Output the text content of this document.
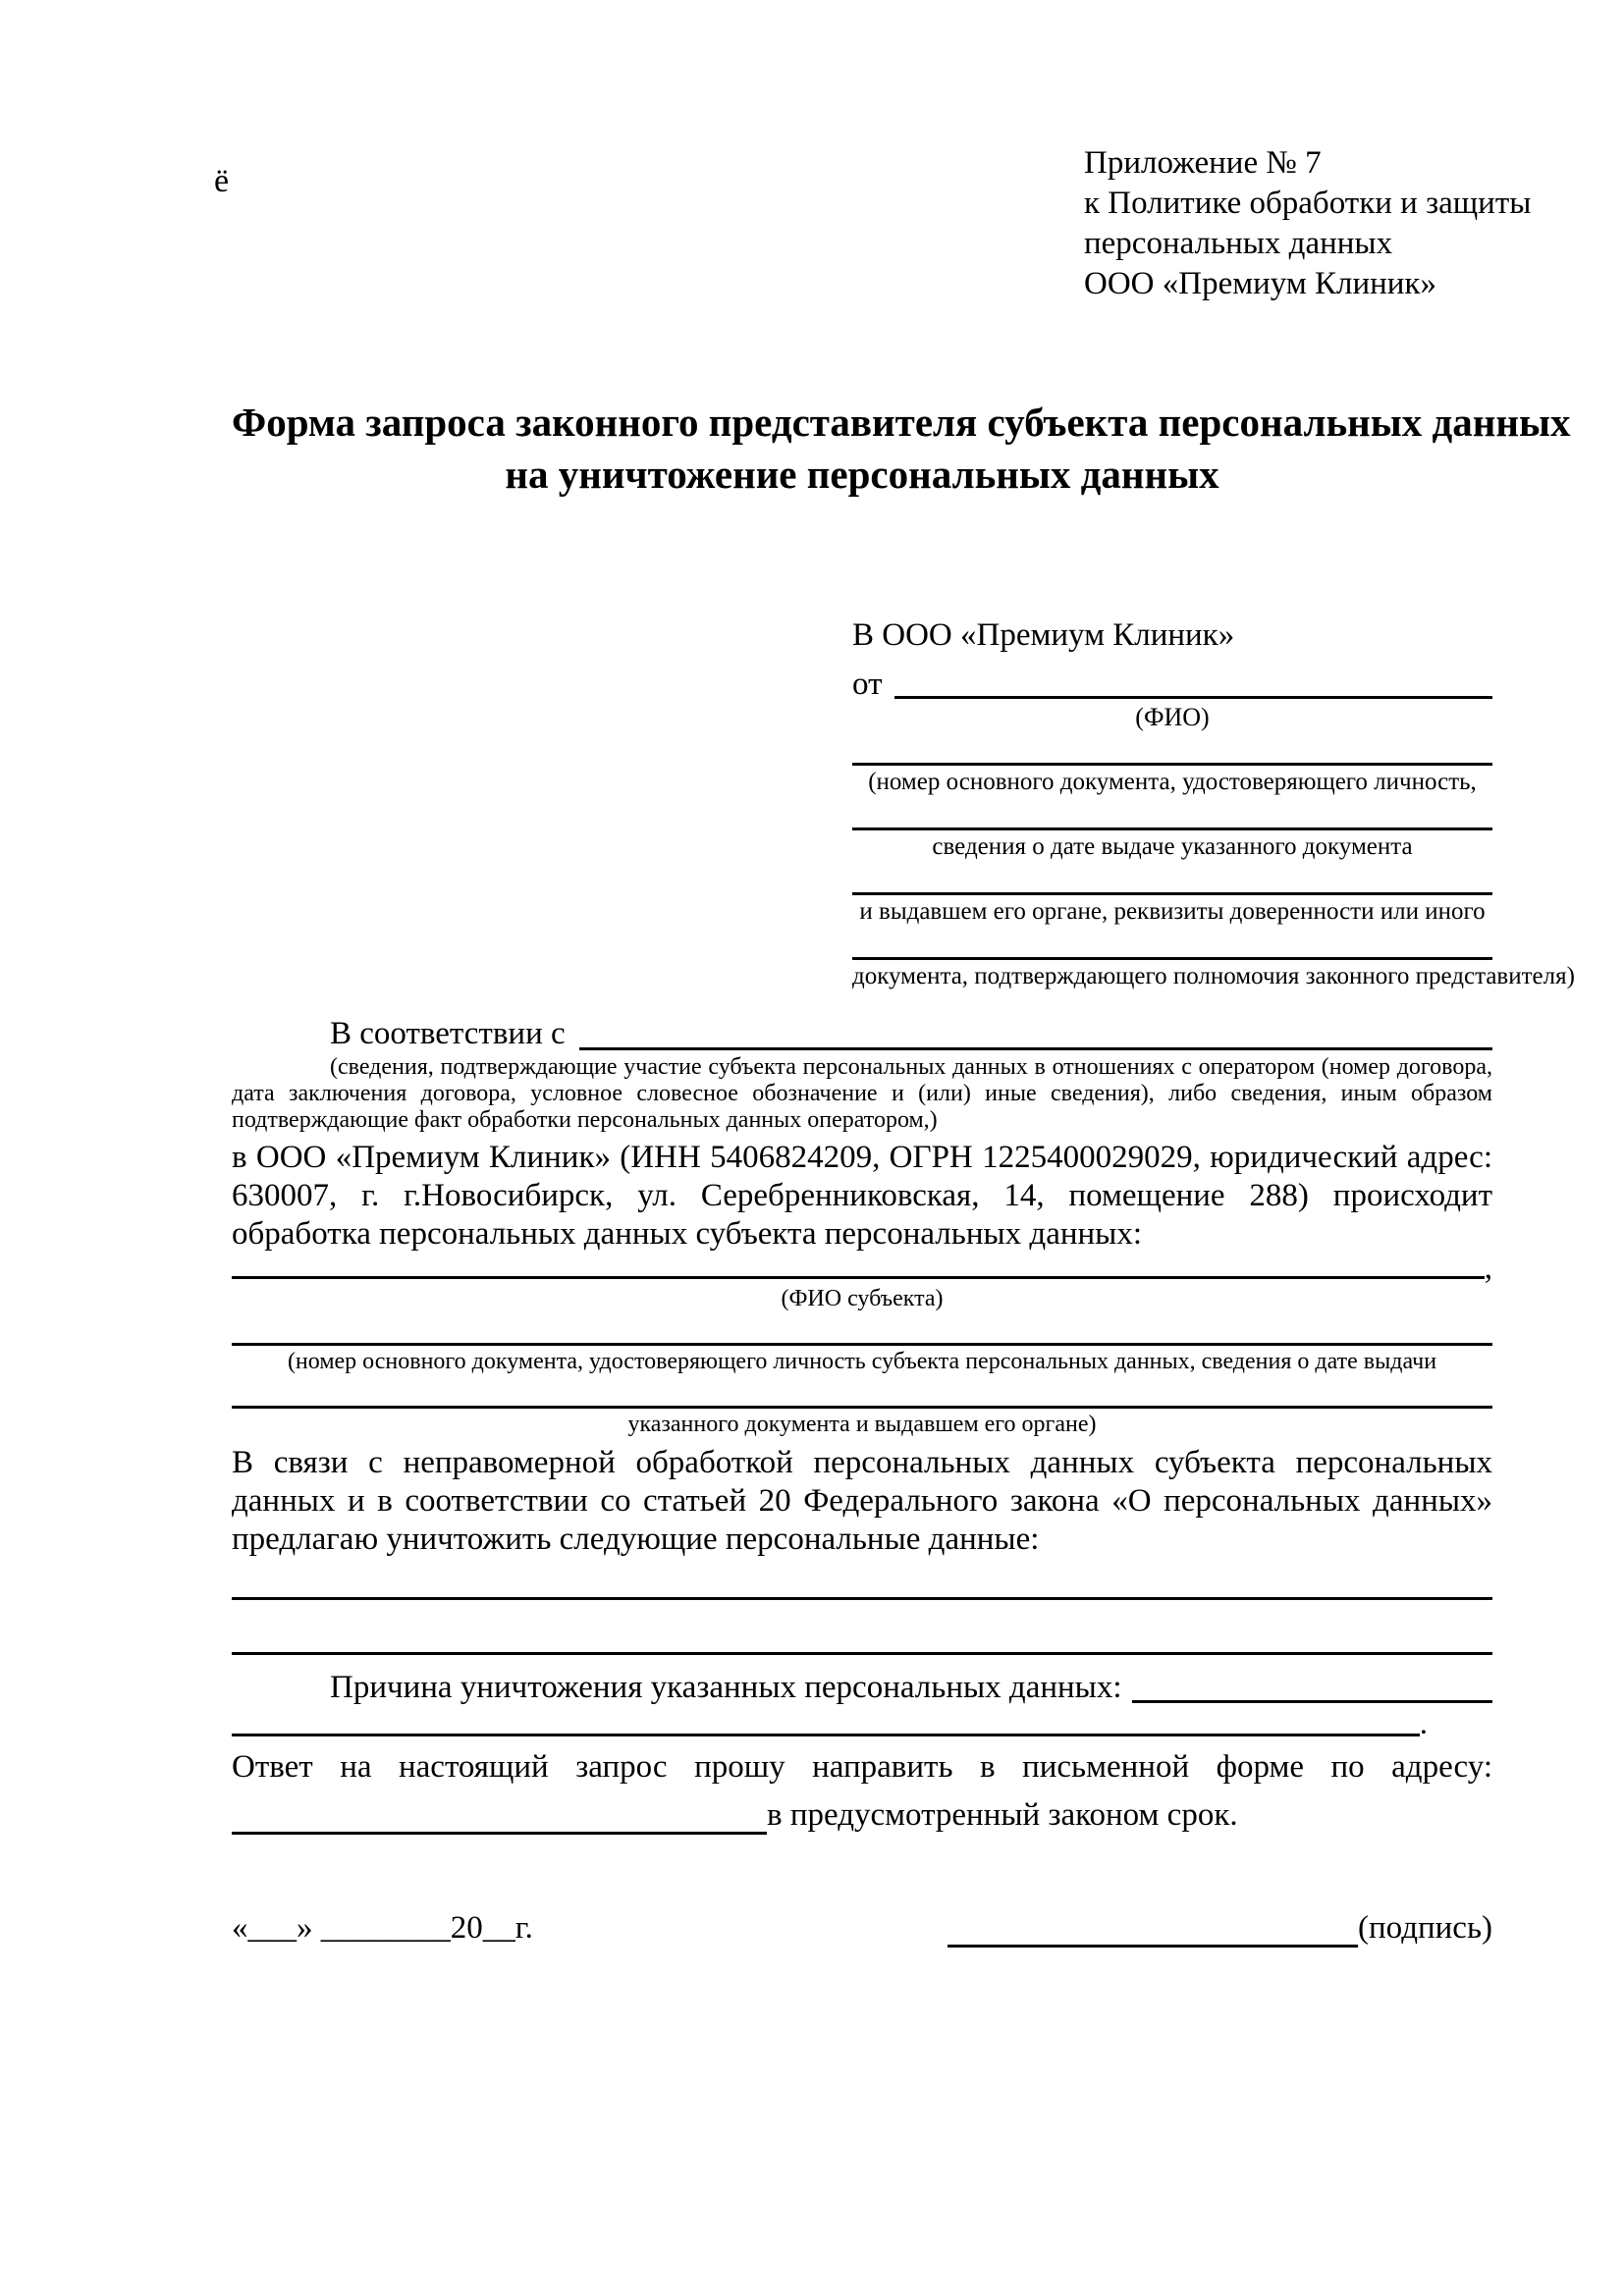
ё	Приложение № 7
к Политике обработки и защиты
персональных данных
ООО «Премиум Клиник»
Форма запроса законного представителя субъекта персональных данных
на уничтожение персональных данных
В ООО «Премиум Клиник»
от
(ФИО)
(номер основного документа, удостоверяющего личность,
сведения о дате выдаче указанного документа
и выдавшем его органе, реквизиты доверенности или иного
документа, подтверждающего полномочия законного представителя)
В соответствии с
(сведения, подтверждающие участие субъекта персональных данных в отношениях с оператором (номер договора, дата заключения договора, условное словесное обозначение и (или) иные сведения), либо сведения, иным образом подтверждающие факт обработки персональных данных оператором,)
в ООО «Премиум Клиник» (ИНН 5406824209, ОГРН 1225400029029, юридический адрес: 630007, г. г.Новосибирск, ул. Серебренниковская, 14, помещение 288) происходит обработка персональных данных субъекта персональных данных:
,
(ФИО субъекта)
(номер основного документа, удостоверяющего личность субъекта персональных данных, сведения о дате выдачи
указанного документа и выдавшем его органе)
В связи с неправомерной обработкой персональных данных субъекта персональных данных и в соответствии со статьей 20 Федерального закона «О персональных данных» предлагаю уничтожить следующие персональные данные:
Причина уничтожения указанных персональных данных:
.
Ответ на настоящий запрос прошу направить в письменной форме по адресу:
в предусмотренный законом срок.
«___» ________20__г.	(подпись)
